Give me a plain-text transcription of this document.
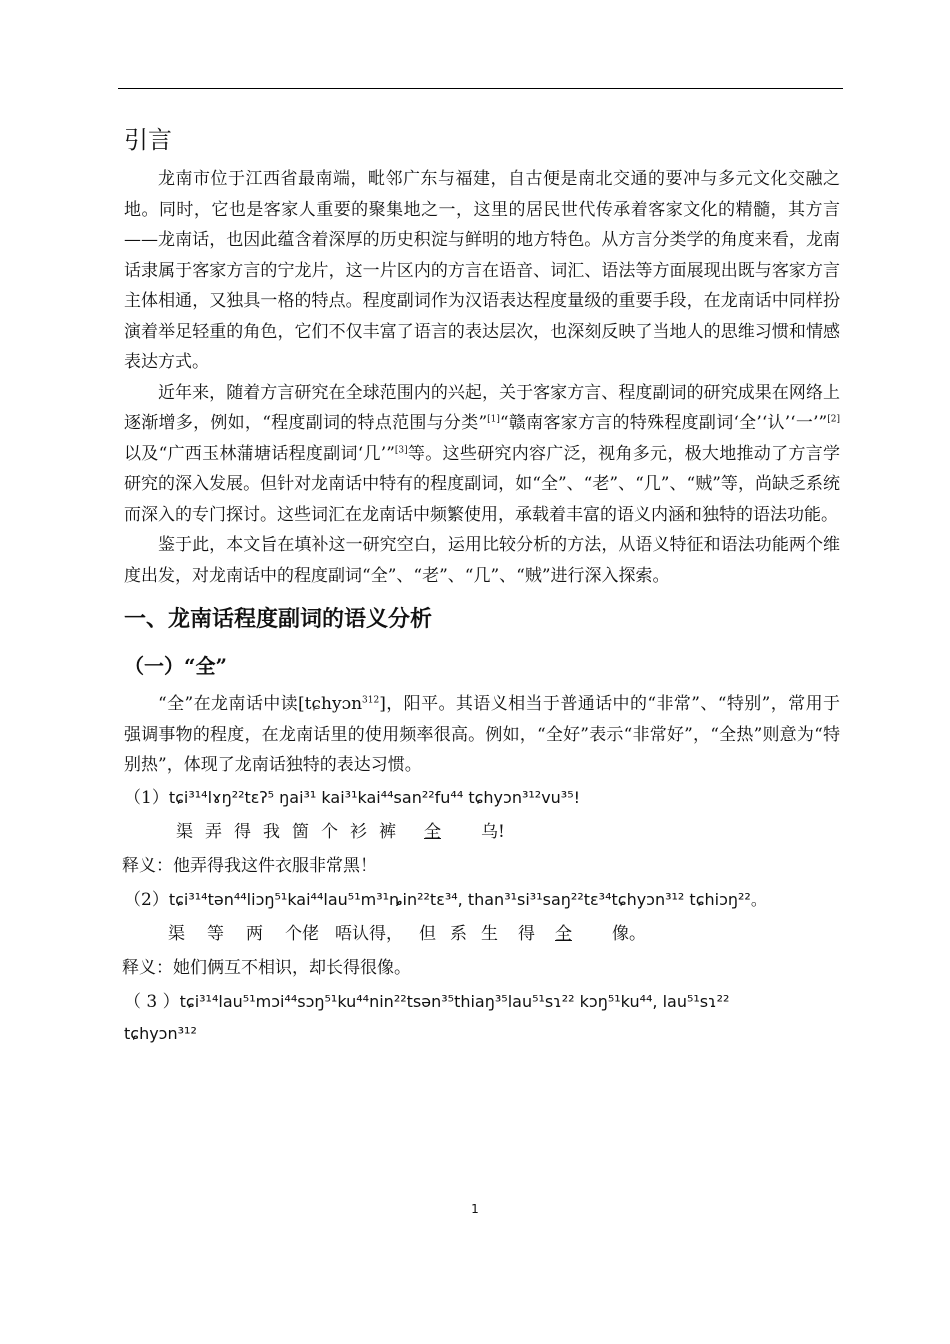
引言

龙南市位于江西省最南端，毗邻广东与福建，自古便是南北交通的要冲与多元文化交融之地。同时，它也是客家人重要的聚集地之一，这里的居民世代传承着客家文化的精髓，其方言——龙南话，也因此蕴含着深厚的历史积淀与鲜明的地方特色。从方言分类学的角度来看，龙南话隶属于客家方言的宁龙片，这一片区内的方言在语音、词汇、语法等方面展现出既与客家方言主体相通，又独具一格的特点。程度副词作为汉语表达程度量级的重要手段，在龙南话中同样扮演着举足轻重的角色，它们不仅丰富了语言的表达层次，也深刻反映了当地人的思维习惯和情感表达方式。

近年来，随着方言研究在全球范围内的兴起，关于客家方言、程度副词的研究成果在网络上逐渐增多，例如，“程度副词的特点范围与分类”[1]“赣南客家方言的特殊程度副词‘全’‘认’‘一’”[2]以及“广西玉林蒲塘话程度副词‘几’”[3]等。这些研究内容广泛，视角多元，极大地推动了方言学研究的深入发展。但针对龙南话中特有的程度副词，如“全”、“老”、“几”、“贼”等，尚缺乏系统而深入的专门探讨。这些词汇在龙南话中频繁使用，承载着丰富的语义内涵和独特的语法功能。

鉴于此，本文旨在填补这一研究空白，运用比较分析的方法，从语义特征和语法功能两个维度出发，对龙南话中的程度副词“全”、“老”、“几”、“贼”进行深入探索。

一、龙南话程度副词的语义分析
（一）“全”

“全”在龙南话中读[tɕhyɔn$^{312}$]，阳平。其语义相当于普通话中的“非常”、“特别”，常用于强调事物的程度，在龙南话里的使用频率很高。例如，“全好”表示“非常好”，“全热”则意为“特别热”，体现了龙南话独特的表达习惯。

（1）tɕi³¹⁴lɤŋ²²tɛʔ⁵ ŋai³¹ kai³¹kai⁴⁴san²²fu⁴⁴ tɕhyɔn³¹²vu³⁵!
渠 弄 得 我 箇 个 衫 裤 全 乌!
释义：他弄得我这件衣服非常黑！
（2）tɕi³¹⁴tən⁴⁴liɔŋ⁵¹kai⁴⁴lau⁵¹m³¹ȵin²²tɛ³⁴, than³¹si³¹saŋ²²tɛ³⁴tɕhyɔn³¹² tɕhiɔŋ²²。
渠 等 两 个佬 唔认得， 但 系 生 得 全 像。
释义：她们俩互不相识，却长得很像。
（ 3 ）tɕi³¹⁴lau⁵¹mɔi⁴⁴sɔŋ⁵¹ku⁴⁴nin²²tsən³⁵thiaŋ³⁵lau⁵¹sɿ²² kɔŋ⁵¹ku⁴⁴, lau⁵¹sɿ²²
tɕhyɔn³¹²
1
